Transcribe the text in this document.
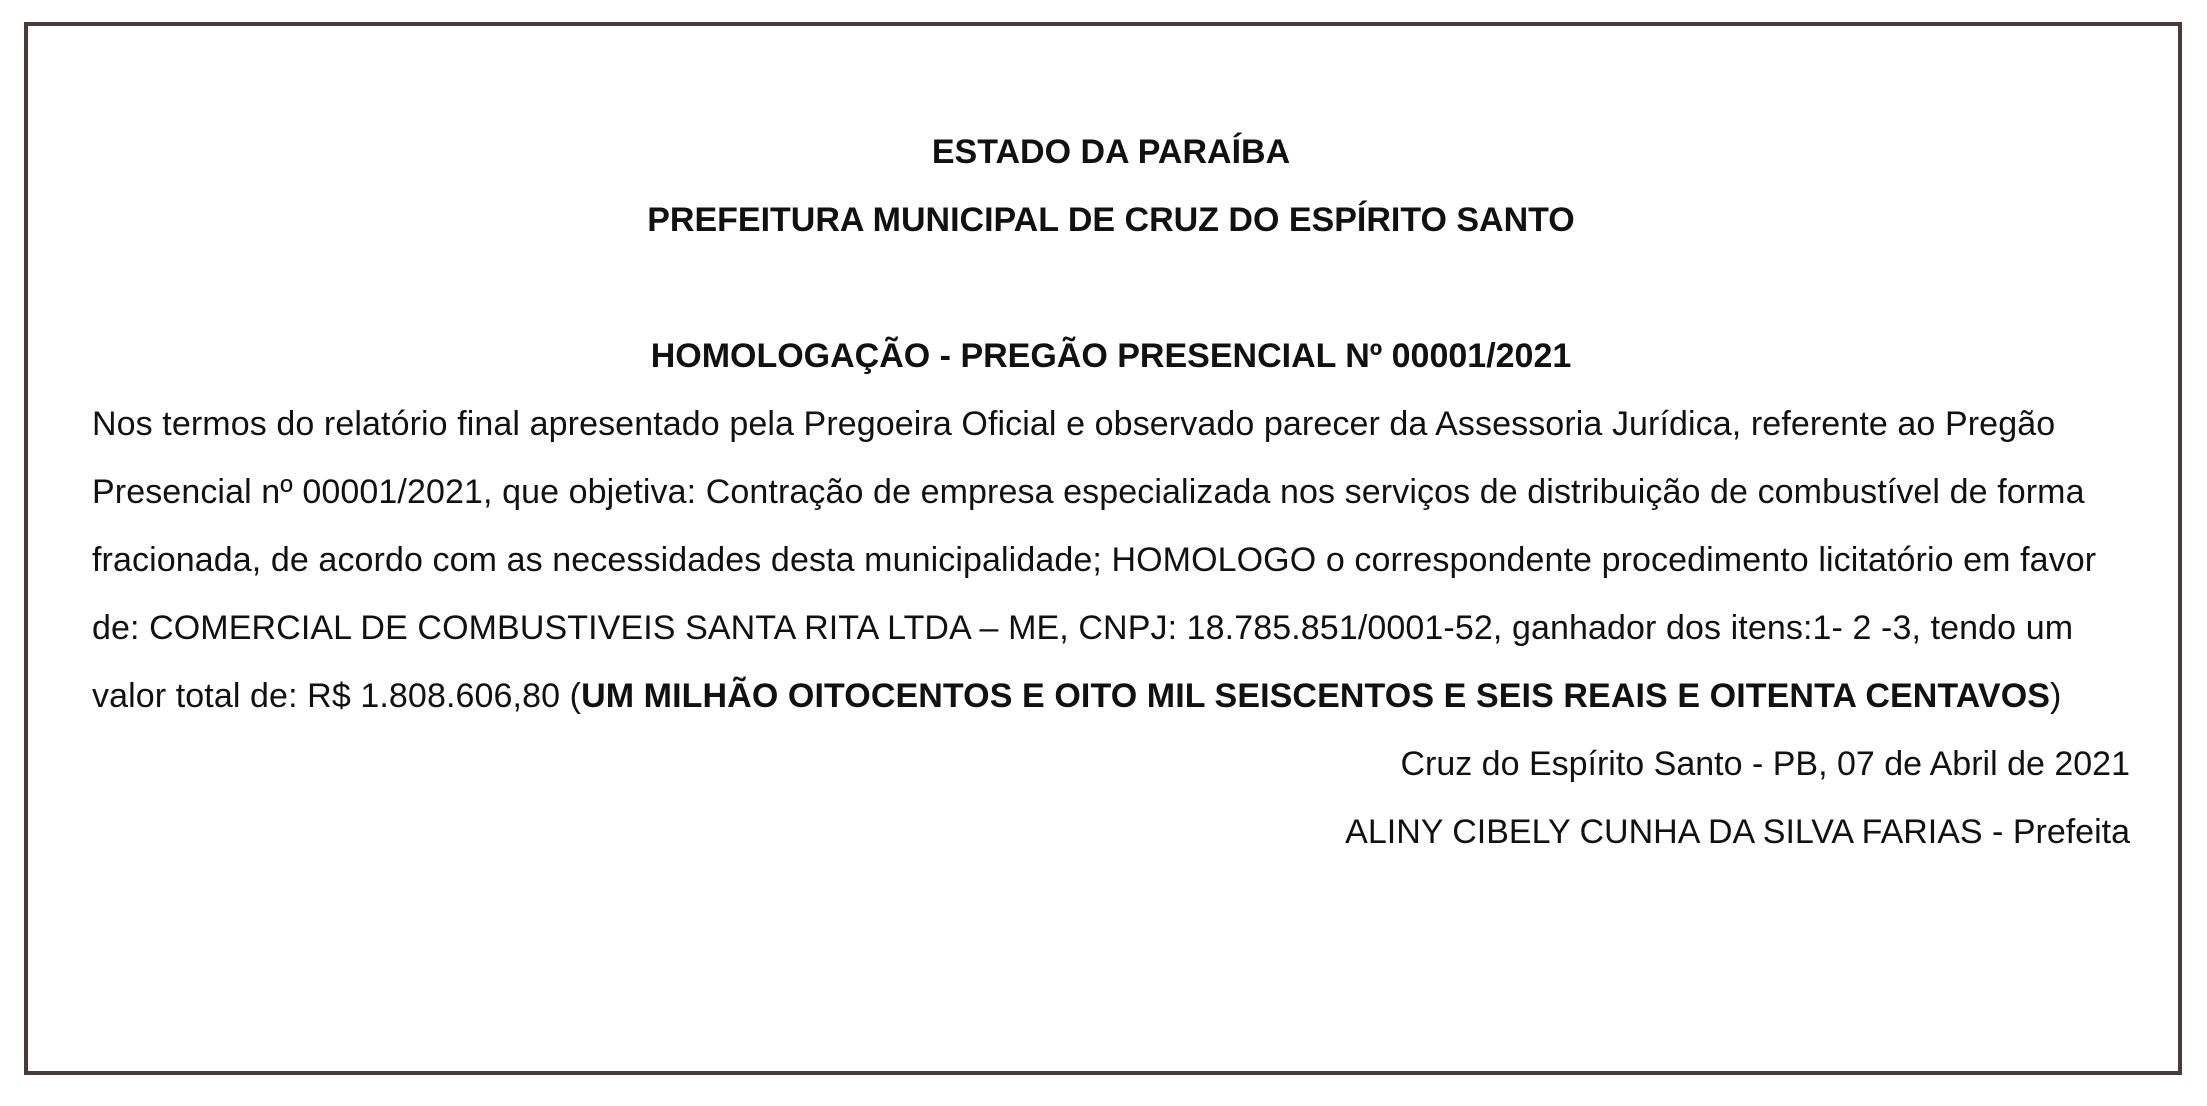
ESTADO DA PARAÍBA

PREFEITURA MUNICIPAL DE CRUZ DO ESPÍRITO SANTO

HOMOLOGAÇÃO - PREGÃO PRESENCIAL Nº 00001/2021

Nos termos do relatório final apresentado pela Pregoeira Oficial e observado parecer da Assessoria Jurídica, referente ao Pregão Presencial nº 00001/2021, que objetiva: Contração de empresa especializada nos serviços de distribuição de combustível de forma fracionada, de acordo com as necessidades desta municipalidade; HOMOLOGO o correspondente procedimento licitatório em favor de: COMERCIAL DE COMBUSTIVEIS SANTA RITA LTDA – ME, CNPJ: 18.785.851/0001-52, ganhador dos itens:1- 2 -3, tendo um valor total de: R$ 1.808.606,80 (UM MILHÃO OITOCENTOS E OITO MIL SEISCENTOS E SEIS REAIS E OITENTA CENTAVOS)

Cruz do Espírito Santo - PB, 07 de Abril de 2021

ALINY CIBELY CUNHA DA SILVA FARIAS - Prefeita
